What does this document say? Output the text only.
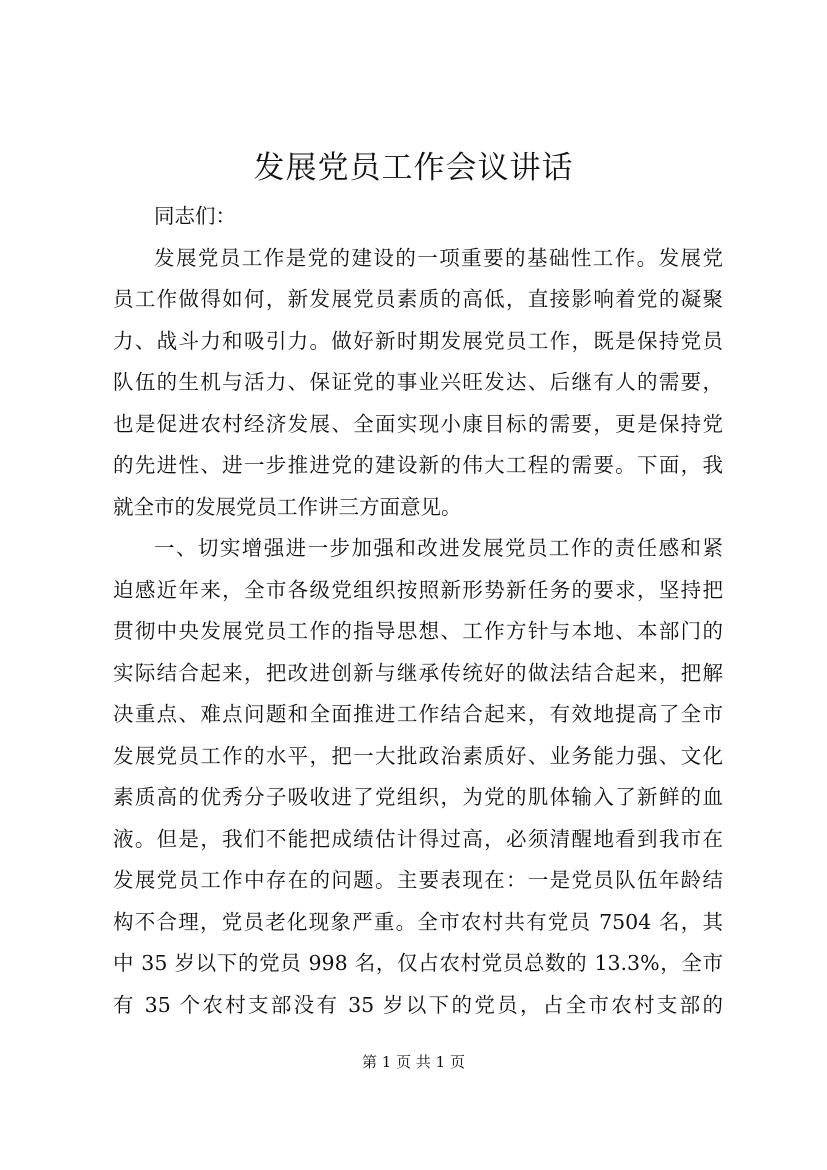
发展党员工作会议讲话
同志们：
发展党员工作是党的建设的一项重要的基础性工作。发展党
员工作做得如何，新发展党员素质的高低，直接影响着党的凝聚
力、战斗力和吸引力。做好新时期发展党员工作，既是保持党员
队伍的生机与活力、保证党的事业兴旺发达、后继有人的需要，
也是促进农村经济发展、全面实现小康目标的需要，更是保持党
的先进性、进一步推进党的建设新的伟大工程的需要。下面，我
就全市的发展党员工作讲三方面意见。
一、切实增强进一步加强和改进发展党员工作的责任感和紧
迫感近年来，全市各级党组织按照新形势新任务的要求，坚持把
贯彻中央发展党员工作的指导思想、工作方针与本地、本部门的
实际结合起来，把改进创新与继承传统好的做法结合起来，把解
决重点、难点问题和全面推进工作结合起来，有效地提高了全市
发展党员工作的水平，把一大批政治素质好、业务能力强、文化
素质高的优秀分子吸收进了党组织，为党的肌体输入了新鲜的血
液。但是，我们不能把成绩估计得过高，必须清醒地看到我市在
发展党员工作中存在的问题。主要表现在：一是党员队伍年龄结
构不合理，党员老化现象严重。全市农村共有党员 7504 名，其
中 35 岁以下的党员 998 名，仅占农村党员总数的 13.3%，全市
有 35 个农村支部没有 35 岁以下的党员，占全市农村支部的
第 1 页 共 1 页
